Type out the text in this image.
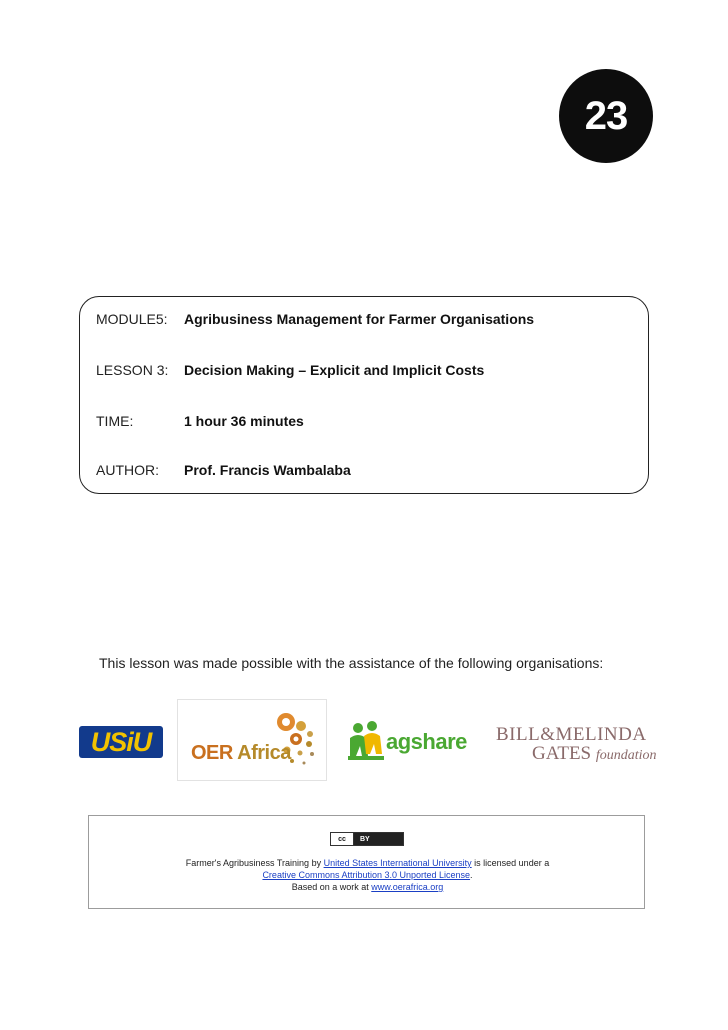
23
MODULE5:	Agribusiness Management for Farmer Organisations
LESSON 3:	Decision Making – Explicit and Implicit Costs
TIME:	1 hour 36 minutes
AUTHOR:	Prof. Francis Wambalaba
This lesson was made possible with the assistance of the following organisations:
USiU OER Africa	agshare BILL&MELINDA
GATES foundation
cc	BY
Farmer's Agribusiness Training by United States International University is licensed under a
Creative Commons Attribution 3.0 Unported License.
Based on a work at www.oerafrica.org
